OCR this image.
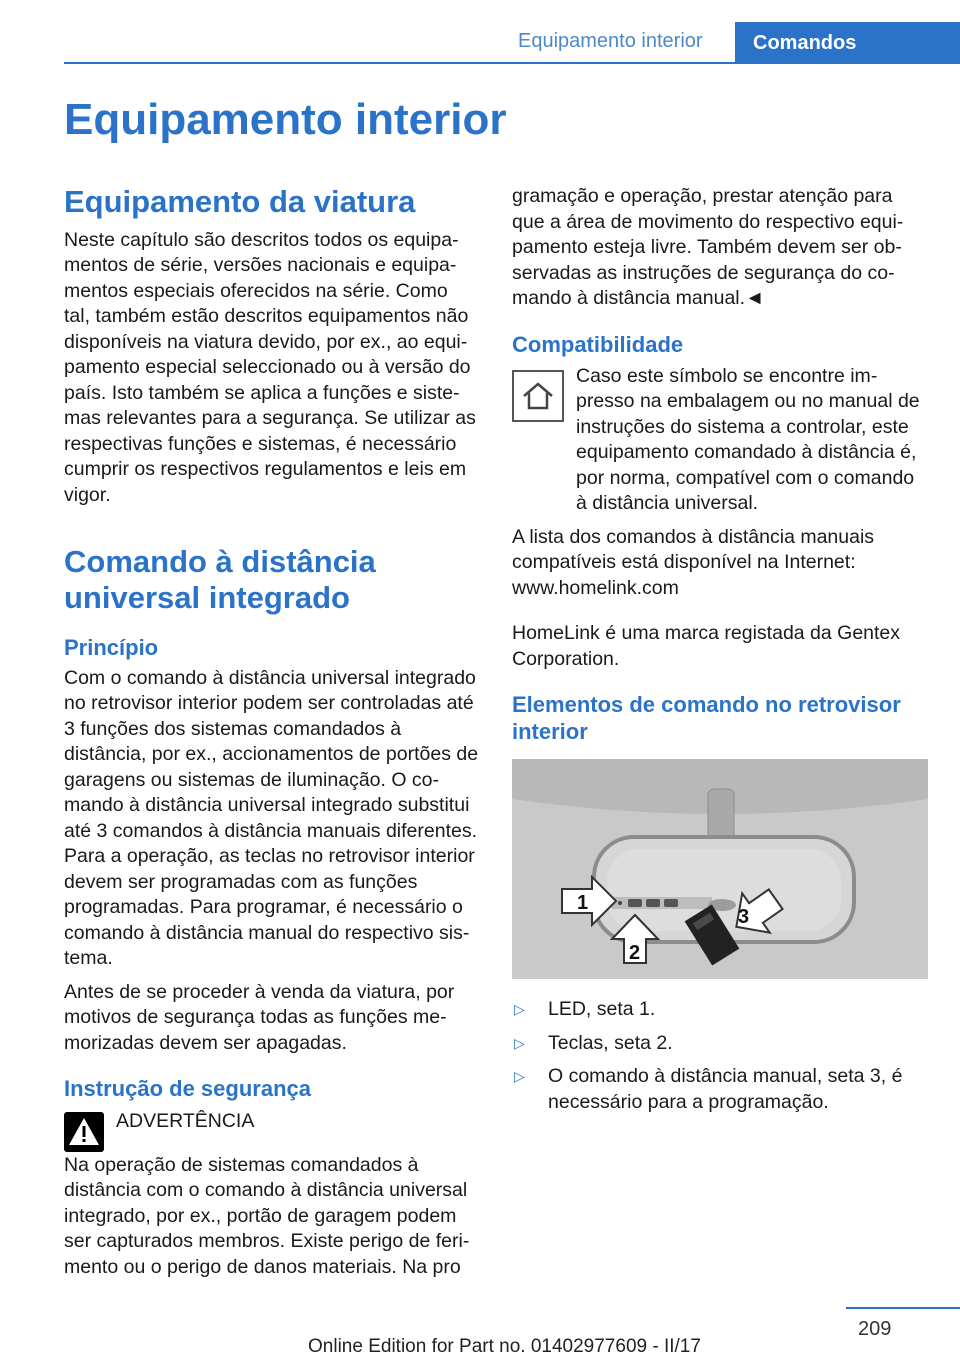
Equipamento interior	Comandos
Equipamento interior
Equipamento da viatura

Neste capítulo são descritos todos os equipamentos de série, versões nacionais e equipamentos especiais oferecidos na série. Como tal, também estão descritos equipamentos não disponíveis na viatura devido, por ex., ao equipamento especial seleccionado ou à versão do país. Isto também se aplica a funções e sistemas relevantes para a segurança. Se utilizar as respectivas funções e sistemas, é necessário cumprir os respectivos regulamentos e leis em vigor.

Comando à distância universal integrado
Princípio

Com o comando à distância universal integrado no retrovisor interior podem ser controladas até 3 funções dos sistemas comandados à distância, por ex., accionamentos de portões de garagens ou sistemas de iluminação. O comando à distância universal integrado substitui até 3 comandos à distância manuais diferentes. Para a operação, as teclas no retrovisor interior devem ser programadas com as funções programadas. Para programar, é necessário o comando à distância manual do respectivo sistema.

Antes de se proceder à venda da viatura, por motivos de segurança todas as funções memorizadas devem ser apagadas.

Instrução de segurança

ADVERTÊNCIA

Na operação de sistemas comandados à distância com o comando à distância universal integrado, por ex., portão de garagem podem ser capturados membros. Existe perigo de ferimento ou o perigo de danos materiais. Na pro

gramação e operação, prestar atenção para que a área de movimento do respectivo equipamento esteja livre. Também devem ser observadas as instruções de segurança do comando à distância manual.◄

Compatibilidade

Caso este símbolo se encontre impresso na embalagem ou no manual de instruções do sistema a controlar, este equipamento comandado à distância é, por norma, compatível com o comando à distância universal.

A lista dos comandos à distância manuais compatíveis está disponível na Internet: www.homelink.com

HomeLink é uma marca registada da Gentex Corporation.

Elementos de comando no retrovisor interior
1
2
3
▷	LED, seta 1.
▷	Teclas, seta 2.
▷	O comando à distância manual, seta 3, é necessário para a programação.
209
Online Edition for Part no. 01402977609 - II/17
